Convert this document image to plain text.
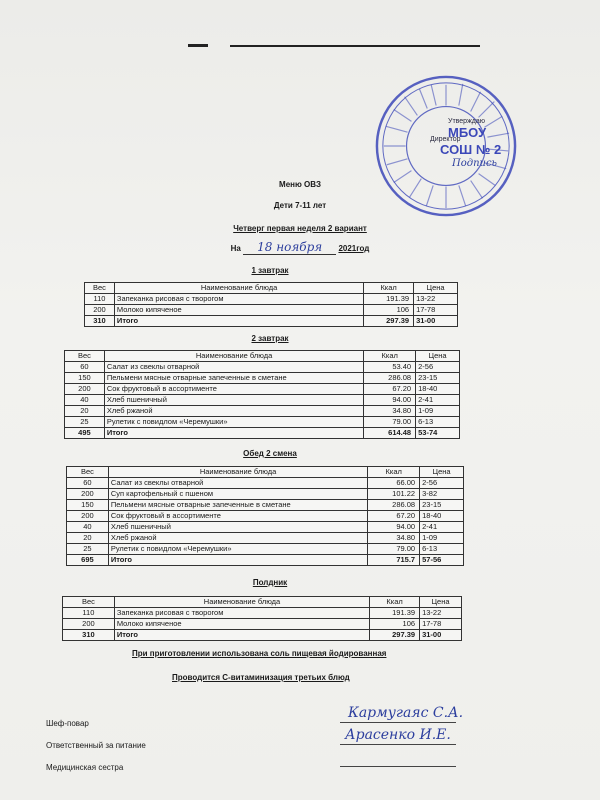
Утверждаю
Директор
МБОУ
СОШ № 2
Подпись
Меню ОВЗ
Дети 7-11 лет
Четверг первая неделя 2 вариант
На 18 ноября 2021год
1 завтрак
Вес	Наименование блюда	Ккал	Цена
110	Запеканка рисовая с творогом	191.39	13-22
200	Молоко кипяченое	106	17-78
310	Итого	297.39	31-00
2 завтрак
Вес	Наименование блюда	Ккал	Цена
60	Салат из свеклы отварной	53.40	2-56
150	Пельмени мясные отварные запеченные в сметане	286.08	23-15
200	Сок фруктовый в ассортименте	67.20	18-40
40	Хлеб пшеничный	94.00	2-41
20	Хлеб ржаной	34.80	1-09
25	Рулетик с повидлом «Черемушки»	79.00	6-13
495	Итого	614.48	53-74
Обед 2 смена
Вес	Наименование блюда	Ккал	Цена
60	Салат из свеклы отварной	66.00	2-56
200	Суп картофельный с пшеном	101.22	3-82
150	Пельмени мясные отварные запеченные в сметане	286.08	23-15
200	Сок фруктовый в ассортименте	67.20	18-40
40	Хлеб пшеничный	94.00	2-41
20	Хлеб ржаной	34.80	1-09
25	Рулетик с повидлом «Черемушки»	79.00	6-13
695	Итого	715.7	57-56
Полдник
Вес	Наименование блюда	Ккал	Цена
110	Запеканка рисовая с творогом	191.39	13-22
200	Молоко кипяченое	106	17-78
310	Итого	297.39	31-00
При приготовлении использована соль пищевая йодированная
Проводится С-витаминизация третьих блюд
Шеф-повар
Кармугаяс С.А.
Ответственный за питание
Арасенко И.Е.
Медицинская сестра
